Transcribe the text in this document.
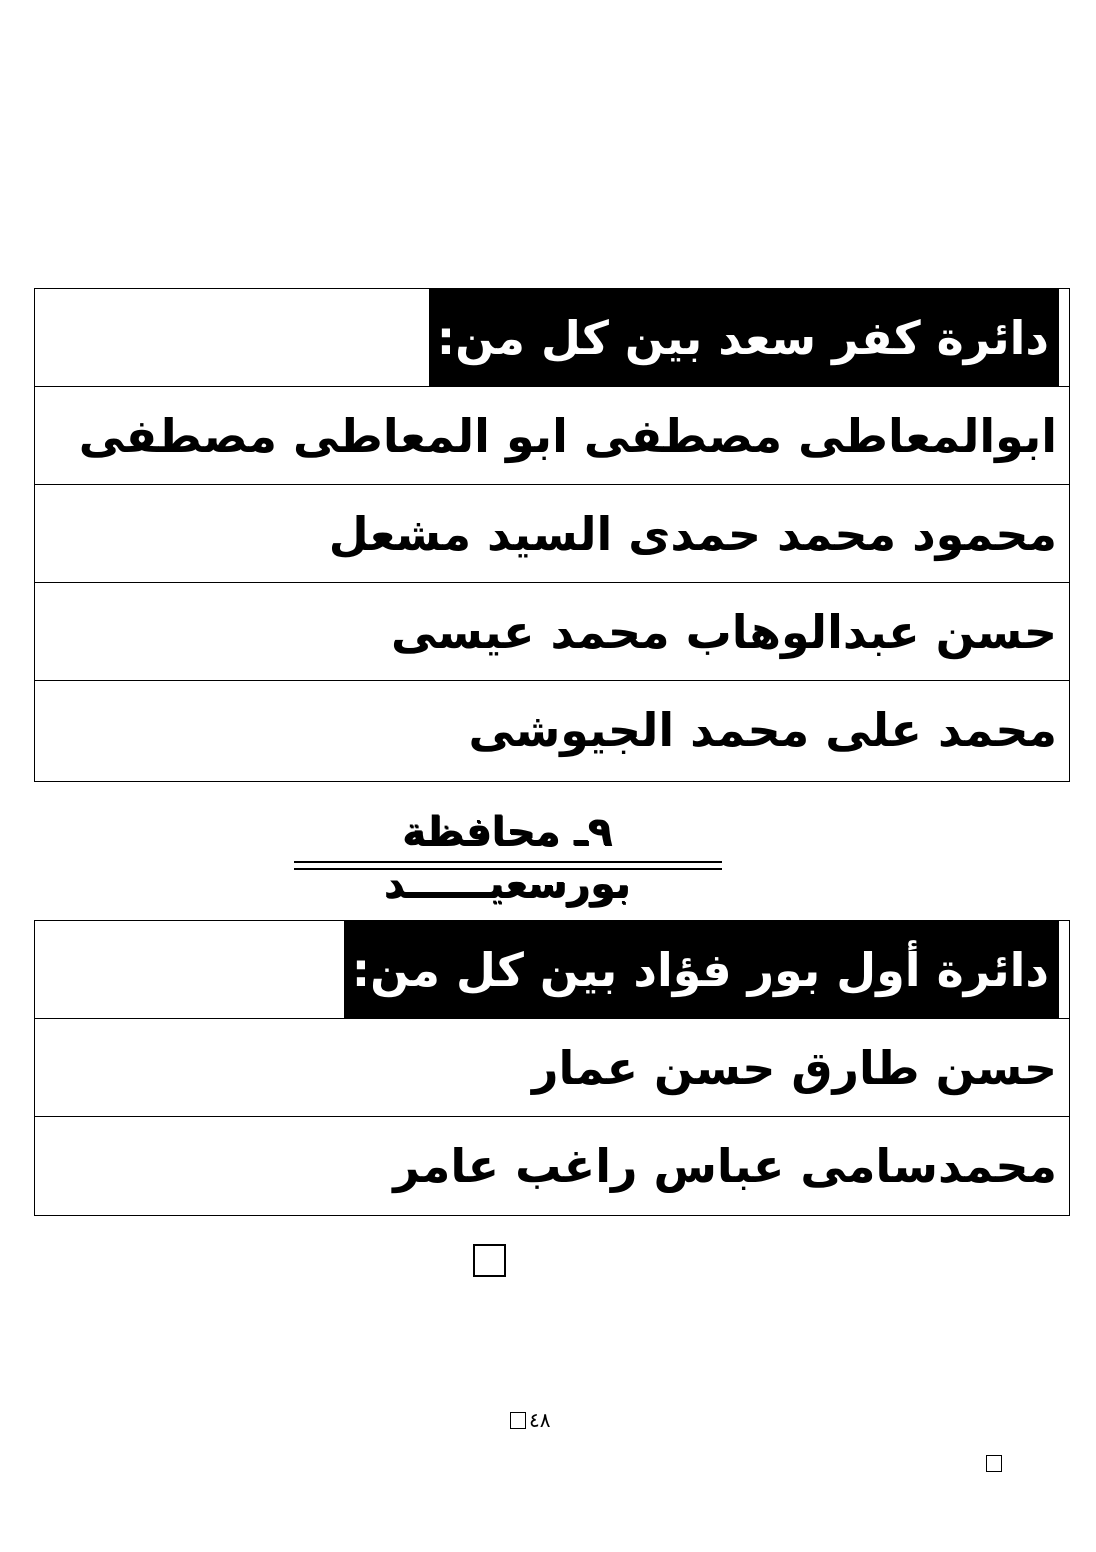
دائرة كفر سعد بين كل من:
ابوالمعاطى مصطفى ابو المعاطى مصطفى
محمود محمد حمدى السيد مشعل
حسن عبدالوهاب محمد عيسى
محمد على محمد الجيوشى
٩ـ محافظة بورسعيــــــد
دائرة أول بور فؤاد بين كل من:
حسن طارق حسن عمار
محمدسامى عباس راغب عامر
٤٨
